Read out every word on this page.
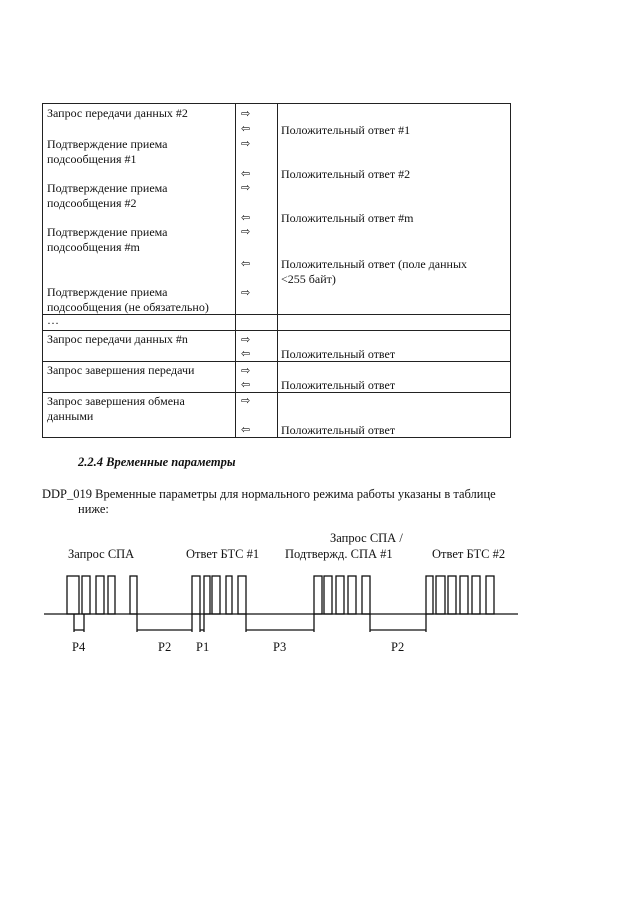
Запрос передачи данных #2	⇨
⇦	Положительный ответ #1
Подтверждение приема
подсообщения #1
⇨
⇦	Положительный ответ #2
Подтверждение приема
подсообщения #2
⇨
⇦	Положительный ответ #m
Подтверждение приема
подсообщения #m
⇨
⇦	Положительный ответ (поле данных
<255 байт)
Подтверждение приема
подсообщения (не обязательно)
⇨
…
Запрос передачи данных #n	⇨
⇦	Положительный ответ
Запрос завершения передачи	⇨
⇦	Положительный ответ
Запрос завершения обмена
данными
⇨
⇦	Положительный ответ
2.2.4 Временные параметры
DDP_019 Временные параметры для нормального режима работы указаны в таблице
ниже:
Запрос СПА	Ответ БТС #1
Запрос СПА /
Подтвержд. СПА #1	Ответ БТС #2
P4	P2 P1	P3	P2
